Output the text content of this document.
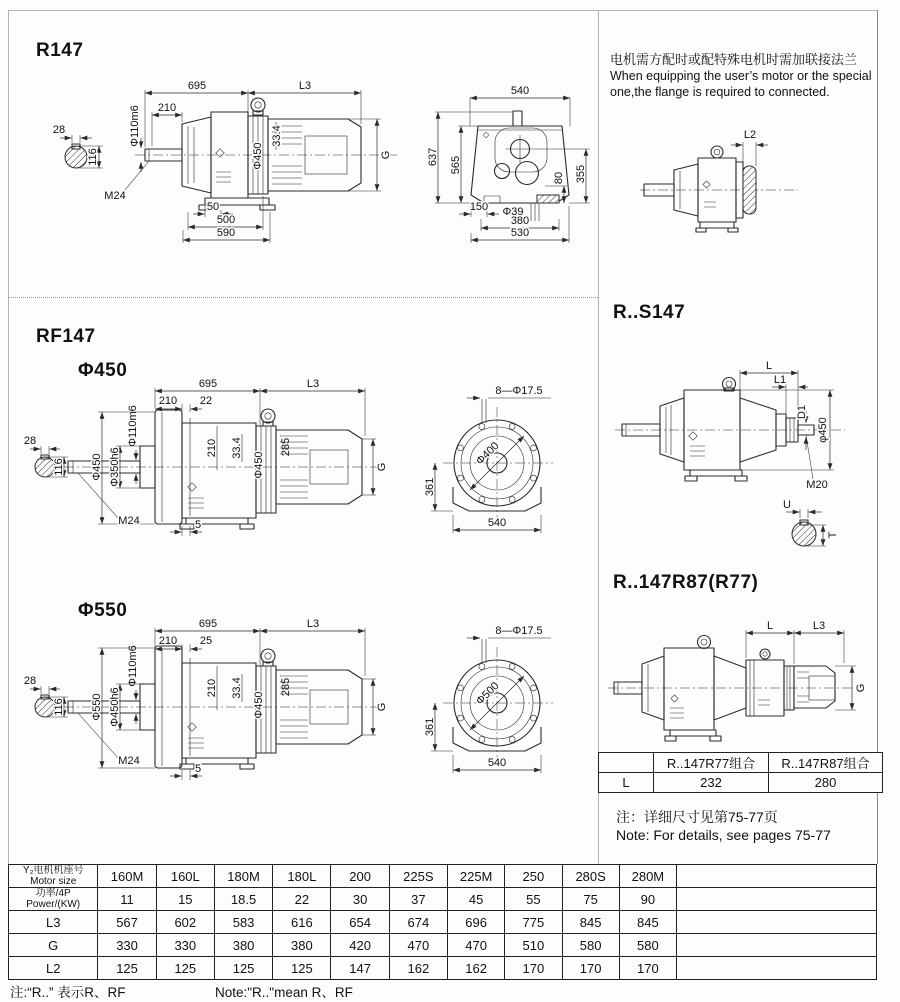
R147
RF147
Φ450
Φ550
R..S147
R..147R87(R77)
电机需方配时或配特殊电机时需加联接法兰
When equipping the user’s motor or the special
one,the flange is required to connected.
28
116
695	L3
210
Φ110m6
Φ450
33.4
G
M24
50
500
590
540
637 565
80 355
150 Φ39
380
530
L2
695	L3
210 22
28
116
Φ110m6
Φ350h6
Φ450
210 33.4
Φ450
285
G
M24	5
Φ400
8—Φ17.5
361
540
L
L1
D1
φ450
M20
U
T
695	L3
210 25
28
116
Φ110m6
Φ450h6
Φ550
210 33.4
Φ450
285
G
M24
5
Φ500
8—Φ17.5
361
540
L	L3
G
	R..147R77组合	R..147R87组合
L	232	280
注：详细尺寸见第75-77页
Note: For details, see pages 75-77
Y₂电机机座号
Motor size	160M	160L	180M	180L	200	225S	225M	250	280S	280M	

功率/4P
Power/(KW)	11	15	18.5	22	30	37	45	55	75	90	
L3	567	602	583	616	654	674	696	775	845	845	
G	330	330	380	380	420	470	470	510	580	580	
L2	125	125	125	125	147	162	162	170	170	170	
注:“R..” 表示R、RF	Note:"R.."mean R、RF
